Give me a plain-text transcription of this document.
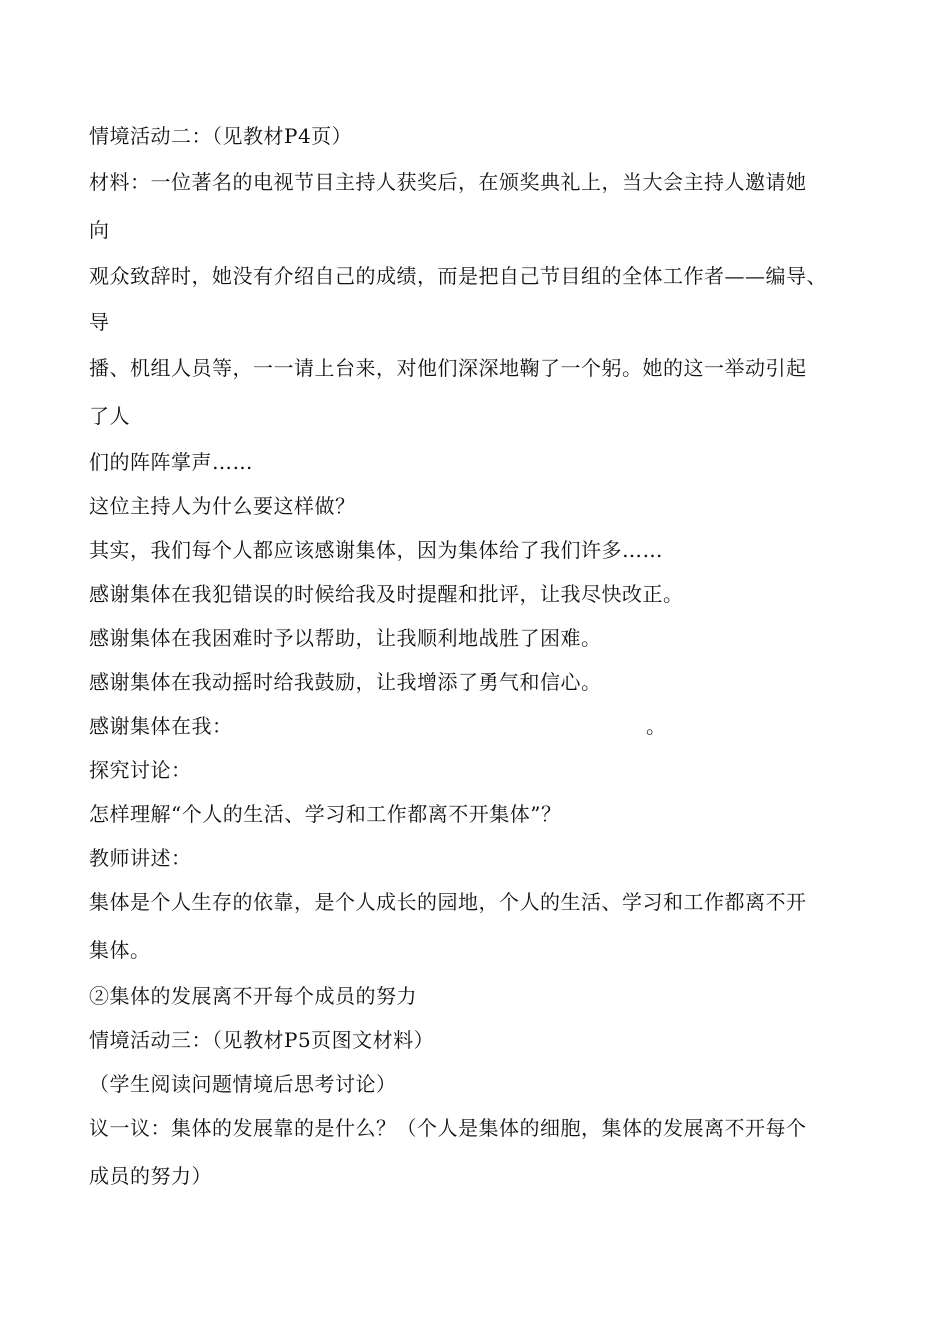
情境活动二：（见教材P4页）
材料：一位著名的电视节目主持人获奖后，在颁奖典礼上，当大会主持人邀请她
向
观众致辞时，她没有介绍自己的成绩，而是把自己节目组的全体工作者——编导、
导
播、机组人员等，一一请上台来，对他们深深地鞠了一个躬。她的这一举动引起
了人
们的阵阵掌声……
这位主持人为什么要这样做？
其实，我们每个人都应该感谢集体，因为集体给了我们许多……
感谢集体在我犯错误的时候给我及时提醒和批评，让我尽快改正。
感谢集体在我困难时予以帮助，让我顺利地战胜了困难。
感谢集体在我动摇时给我鼓励，让我增添了勇气和信心。
感谢集体在我：	。
探究讨论：
怎样理解“个人的生活、学习和工作都离不开集体”？
教师讲述：
集体是个人生存的依靠，是个人成长的园地，个人的生活、学习和工作都离不开
集体。
②集体的发展离不开每个成员的努力
情境活动三：（见教材P5页图文材料）
（学生阅读问题情境后思考讨论）
议一议：集体的发展靠的是什么？（个人是集体的细胞，集体的发展离不开每个
成员的努力）
